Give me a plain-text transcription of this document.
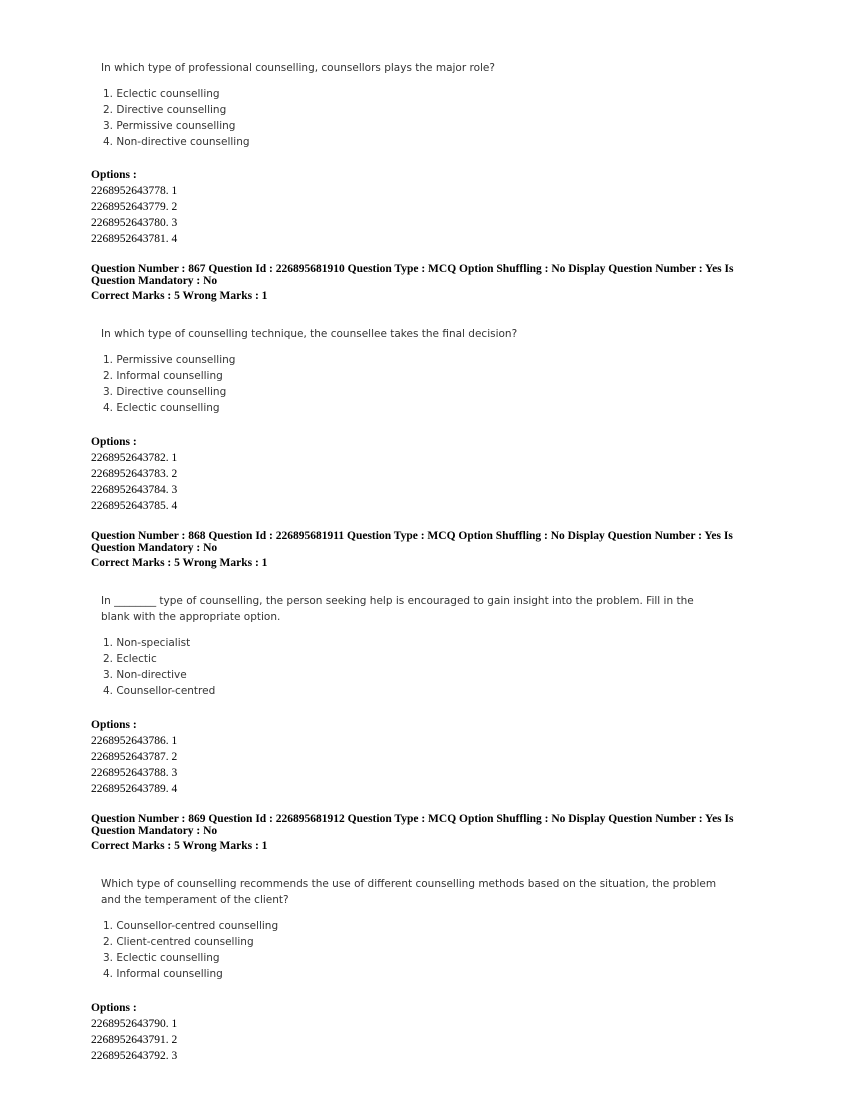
In which type of professional counselling, counsellors plays the major role?

1. Eclectic counselling
2. Directive counselling
3. Permissive counselling
4. Non-directive counselling
Options :
2268952643778. 1
2268952643779. 2
2268952643780. 3
2268952643781. 4

Question Number : 867 Question Id : 226895681910 Question Type : MCQ Option Shuffling : No Display Question Number : Yes Is Question Mandatory : No

Correct Marks : 5 Wrong Marks : 1

In which type of counselling technique, the counsellee takes the final decision?

1. Permissive counselling
2. Informal counselling
3. Directive counselling
4. Eclectic counselling
Options :
2268952643782. 1
2268952643783. 2
2268952643784. 3
2268952643785. 4

Question Number : 868 Question Id : 226895681911 Question Type : MCQ Option Shuffling : No Display Question Number : Yes Is Question Mandatory : No

Correct Marks : 5 Wrong Marks : 1

In ________ type of counselling, the person seeking help is encouraged to gain insight into the problem. Fill in the

blank with the appropriate option.

1. Non-specialist
2. Eclectic
3. Non-directive
4. Counsellor-centred
Options :
2268952643786. 1
2268952643787. 2
2268952643788. 3
2268952643789. 4

Question Number : 869 Question Id : 226895681912 Question Type : MCQ Option Shuffling : No Display Question Number : Yes Is Question Mandatory : No

Correct Marks : 5 Wrong Marks : 1

Which type of counselling recommends the use of different counselling methods based on the situation, the problem

and the temperament of the client?

1. Counsellor-centred counselling
2. Client-centred counselling
3. Eclectic counselling
4. Informal counselling
Options :
2268952643790. 1
2268952643791. 2
2268952643792. 3
